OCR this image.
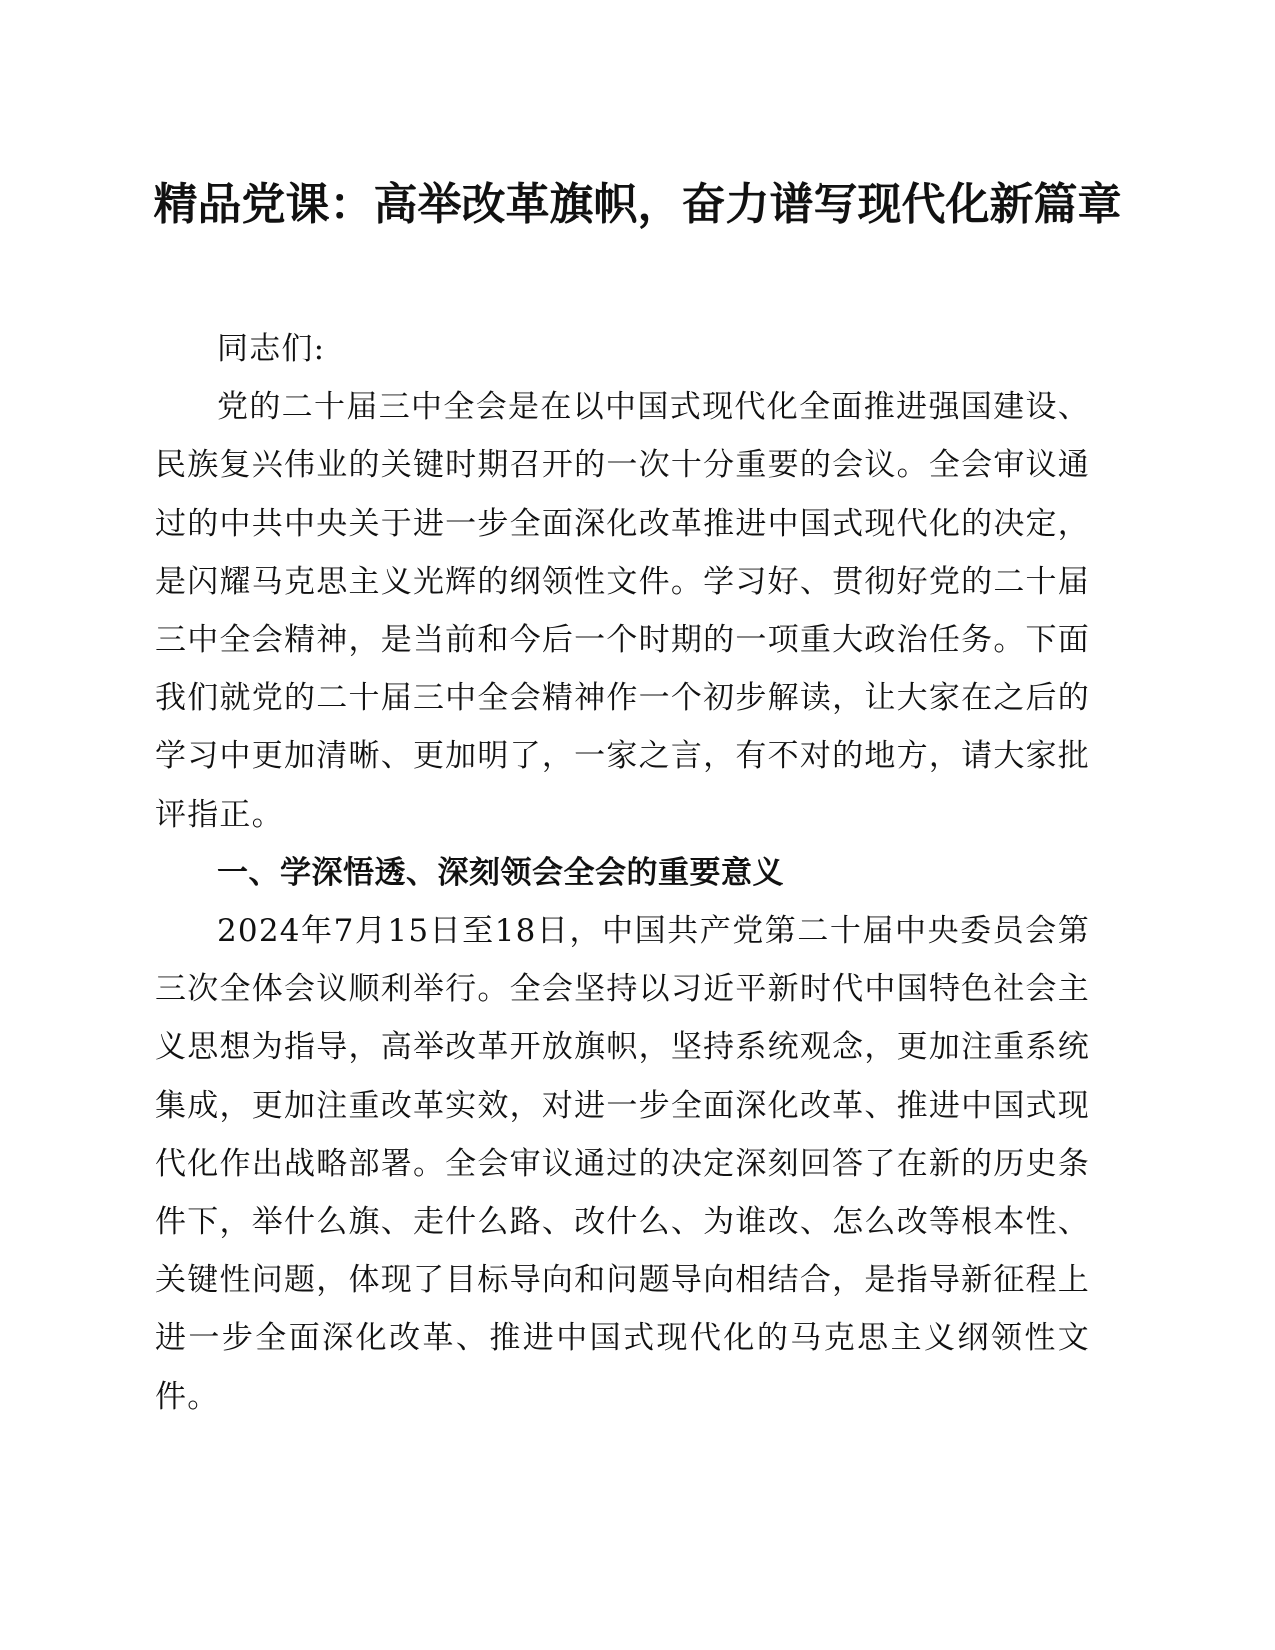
精品党课：高举改革旗帜，奋力谱写现代化新篇章

同志们:

党的二十届三中全会是在以中国式现代化全面推进强国建设、民族复兴伟业的关键时期召开的一次十分重要的会议。全会审议通过的中共中央关于进一步全面深化改革推进中国式现代化的决定，是闪耀马克思主义光辉的纲领性文件。学习好、贯彻好党的二十届三中全会精神，是当前和今后一个时期的一项重大政治任务。下面我们就党的二十届三中全会精神作一个初步解读，让大家在之后的学习中更加清晰、更加明了，一家之言，有不对的地方，请大家批评指正。

一、学深悟透、深刻领会全会的重要意义

2024年7月15日至18日，中国共产党第二十届中央委员会第三次全体会议顺利举行。全会坚持以习近平新时代中国特色社会主义思想为指导，高举改革开放旗帜，坚持系统观念，更加注重系统集成，更加注重改革实效，对进一步全面深化改革、推进中国式现代化作出战略部署。全会审议通过的决定深刻回答了在新的历史条件下，举什么旗、走什么路、改什么、为谁改、怎么改等根本性、关键性问题，体现了目标导向和问题导向相结合，是指导新征程上进一步全面深化改革、推进中国式现代化的马克思主义纲领性文件。
